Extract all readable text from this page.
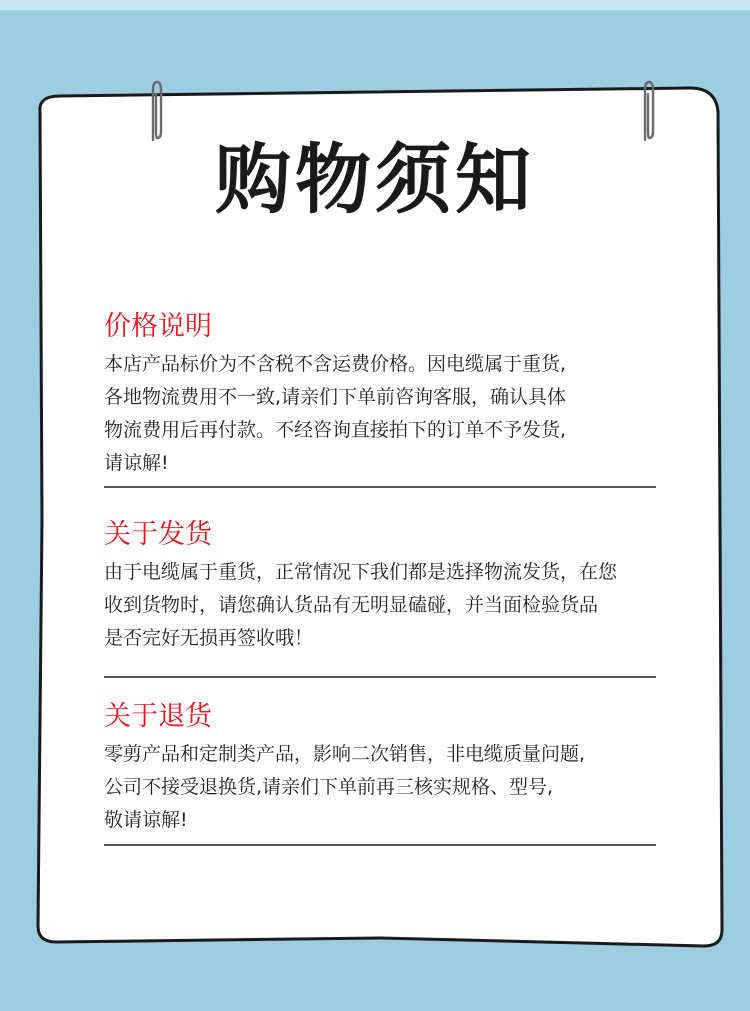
购物须知
价格说明

本店产品标价为不含税不含运费价格。因电缆属于重货,
各地物流费用不一致,请亲们下单前咨询客服，确认具体
物流费用后再付款。不经咨询直接拍下的订单不予发货,
请谅解!

关于发货

由于电缆属于重货，正常情况下我们都是选择物流发货，在您
收到货物时，请您确认货品有无明显磕碰，并当面检验货品
是否完好无损再签收哦！

关于退货

零剪产品和定制类产品，影响二次销售，非电缆质量问题,
公司不接受退换货,请亲们下单前再三核实规格、型号,
敬请谅解!
